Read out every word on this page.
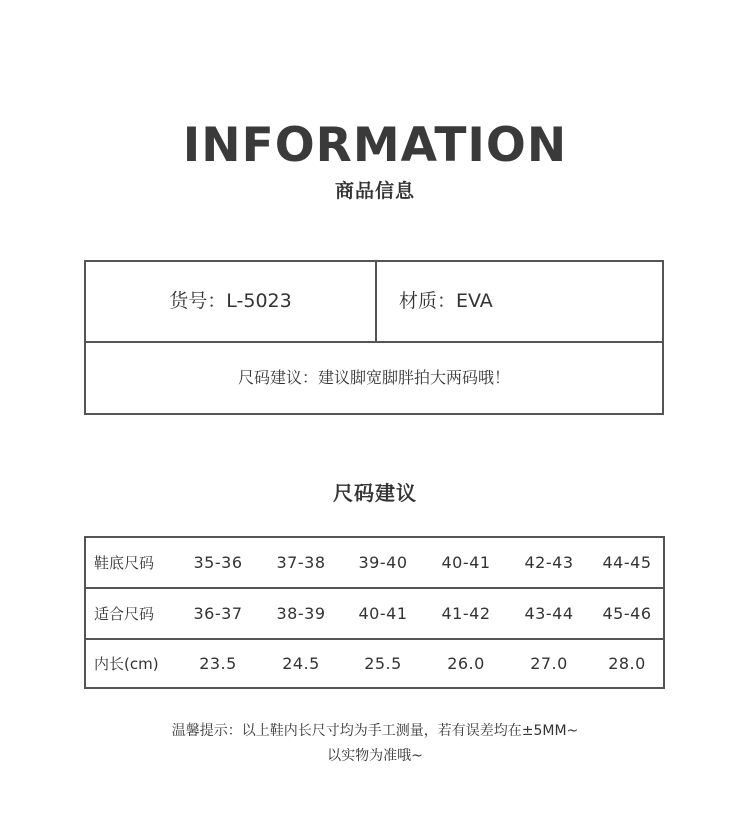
INFORMATION
商品信息
货号：L-5023	材质：EVA
尺码建议：建议脚宽脚胖拍大两码哦！
尺码建议
鞋底尺码	35-36	37-38	39-40	40-41	42-43	44-45
适合尺码	36-37	38-39	40-41	41-42	43-44	45-46
内长(cm)	23.5	24.5	25.5	26.0	27.0	28.0
温馨提示：以上鞋内长尺寸均为手工测量，若有误差均在±5MM~
以实物为准哦~
